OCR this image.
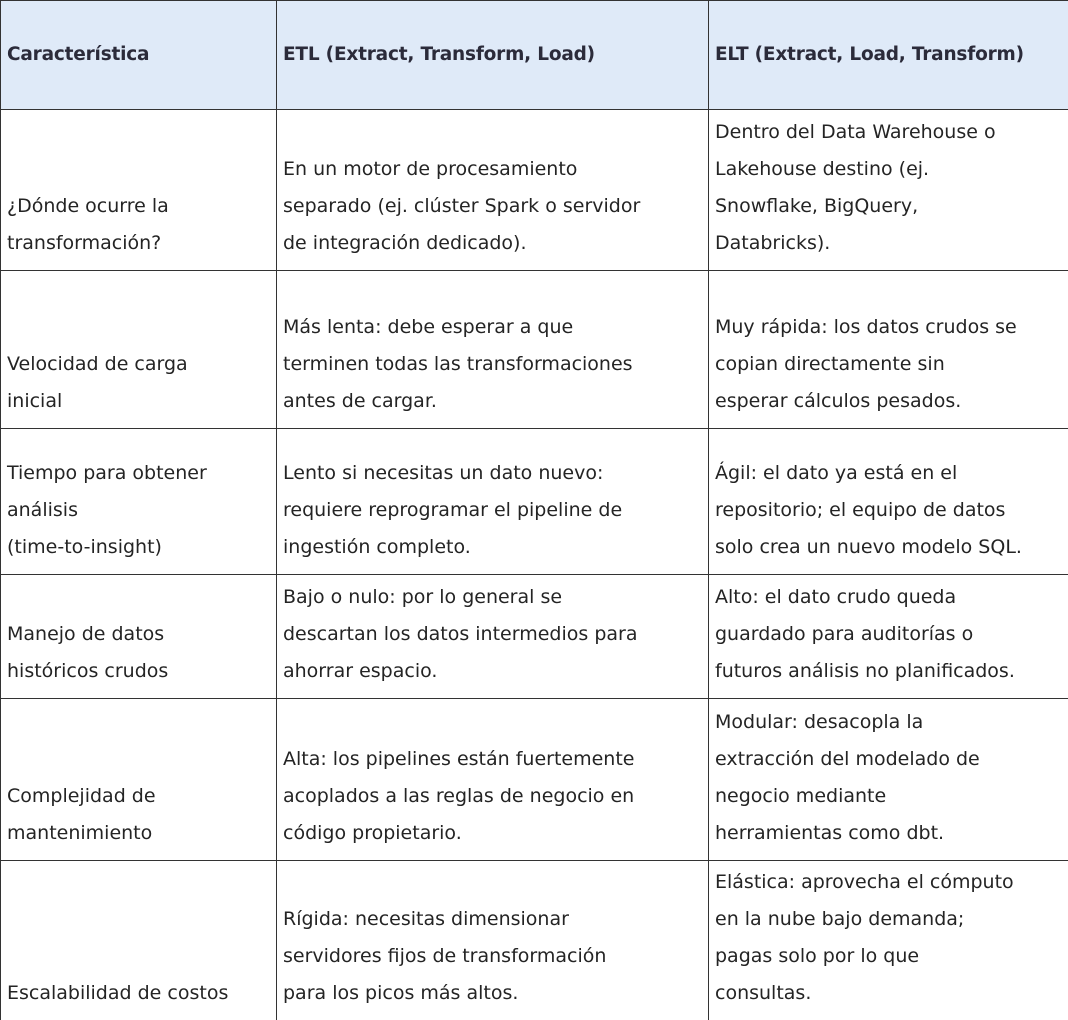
Característica	ETL (Extract, Transform, Load)	ELT (Extract, Load, Transform)

¿Dónde ocurre la
transformación?	En un motor de procesamiento
separado (ej. clúster Spark o servidor
de integración dedicado).	Dentro del Data Warehouse o
Lakehouse destino (ej.
Snowflake, BigQuery,
Databricks).

Velocidad de carga
inicial	Más lenta: debe esperar a que
terminen todas las transformaciones
antes de cargar.	Muy rápida: los datos crudos se
copian directamente sin
esperar cálculos pesados.

Tiempo para obtener
análisis
(time-to-insight)	Lento si necesitas un dato nuevo:
requiere reprogramar el pipeline de
ingestión completo.	Ágil: el dato ya está en el
repositorio; el equipo de datos
solo crea un nuevo modelo SQL.

Manejo de datos
históricos crudos	Bajo o nulo: por lo general se
descartan los datos intermedios para
ahorrar espacio.	Alto: el dato crudo queda
guardado para auditorías o
futuros análisis no planificados.

Complejidad de
mantenimiento	Alta: los pipelines están fuertemente
acoplados a las reglas de negocio en
código propietario.	Modular: desacopla la
extracción del modelado de
negocio mediante
herramientas como dbt.

Escalabilidad de costos	Rígida: necesitas dimensionar
servidores fijos de transformación
para los picos más altos.	Elástica: aprovecha el cómputo
en la nube bajo demanda;
pagas solo por lo que
consultas.
